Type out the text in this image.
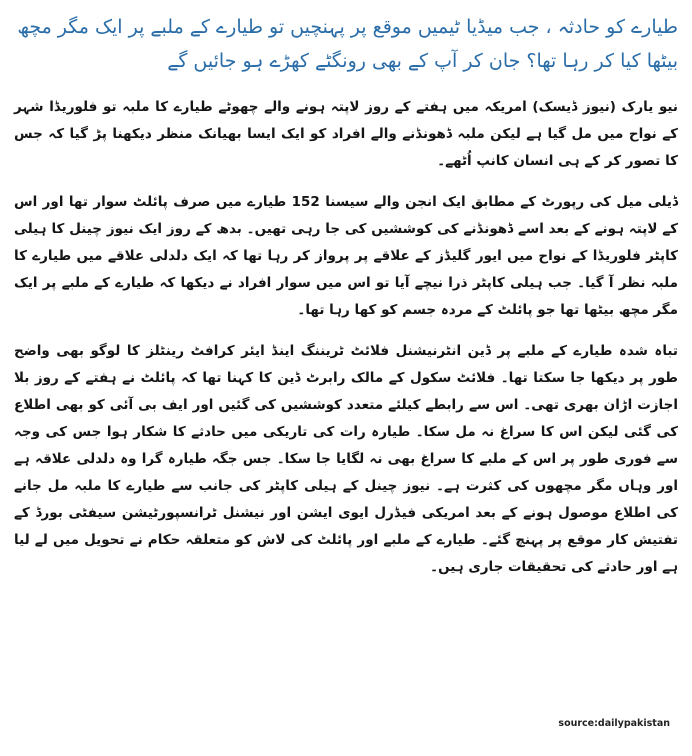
طیارے کو حادثہ ، جب میڈیا ٹیمیں موقع پر پہنچیں تو طیارے کے ملبے پر ایک مگر مچھ بیٹھا کیا کر رہا تھا؟ جان کر آپ کے بھی رونگٹے کھڑے ہو جائیں گے

نیو یارک (نیوز ڈیسک) امریکہ میں ہفتے کے روز لاپتہ ہونے والے چھوٹے طیارے کا ملبہ تو فلوریڈا شہر کے نواح میں مل گیا ہے لیکن ملبہ ڈھونڈنے والے افراد کو ایک ایسا بھیانک منظر دیکھنا پڑ گیا کہ جس کا تصور کر کے ہی انسان کانپ اُٹھے۔

ڈیلی میل کی رپورٹ کے مطابق ایک انجن والے سیسنا 152 طیارے میں صرف پائلٹ سوار تھا اور اس کے لاپتہ ہونے کے بعد اسے ڈھونڈنے کی کوششیں کی جا رہی تھیں۔ بدھ کے روز ایک نیوز چینل کا ہیلی کاپٹر فلوریڈا کے نواح میں ایور گلیڈز کے علاقے پر پرواز کر رہا تھا کہ ایک دلدلی علاقے میں طیارے کا ملبہ نظر آ گیا۔ جب ہیلی کاپٹر ذرا نیچے آیا تو اس میں سوار افراد نے دیکھا کہ طیارے کے ملبے پر ایک مگر مچھ بیٹھا تھا جو پائلٹ کے مردہ جسم کو کھا رہا تھا۔

تباہ شدہ طیارے کے ملبے پر ڈین انٹرنیشنل فلائٹ ٹریننگ اینڈ ایئر کرافٹ رینٹلز کا لوگو بھی واضح طور پر دیکھا جا سکتا تھا۔ فلائٹ سکول کے مالک رابرٹ ڈین کا کہنا تھا کہ پائلٹ نے ہفتے کے روز بلا اجازت اڑان بھری تھی۔ اس سے رابطے کیلئے متعدد کوششیں کی گئیں اور ایف بی آئی کو بھی اطلاع کی گئی لیکن اس کا سراغ نہ مل سکا۔ طیارہ رات کی تاریکی میں حادثے کا شکار ہوا جس کی وجہ سے فوری طور پر اس کے ملبے کا سراغ بھی نہ لگایا جا سکا۔ جس جگہ طیارہ گرا وہ دلدلی علاقہ ہے اور وہاں مگر مچھوں کی کثرت ہے۔ نیوز چینل کے ہیلی کاپٹر کی جانب سے طیارے کا ملبہ مل جانے کی اطلاع موصول ہونے کے بعد امریکی فیڈرل ایوی ایشن اور نیشنل ٹرانسپورٹیشن سیفٹی بورڈ کے تفتیش کار موقع پر پہنچ گئے۔ طیارے کے ملبے اور پائلٹ کی لاش کو متعلقہ حکام نے تحویل میں لے لیا ہے اور حادثے کی تحقیقات جاری ہیں۔

source:dailypakistan
